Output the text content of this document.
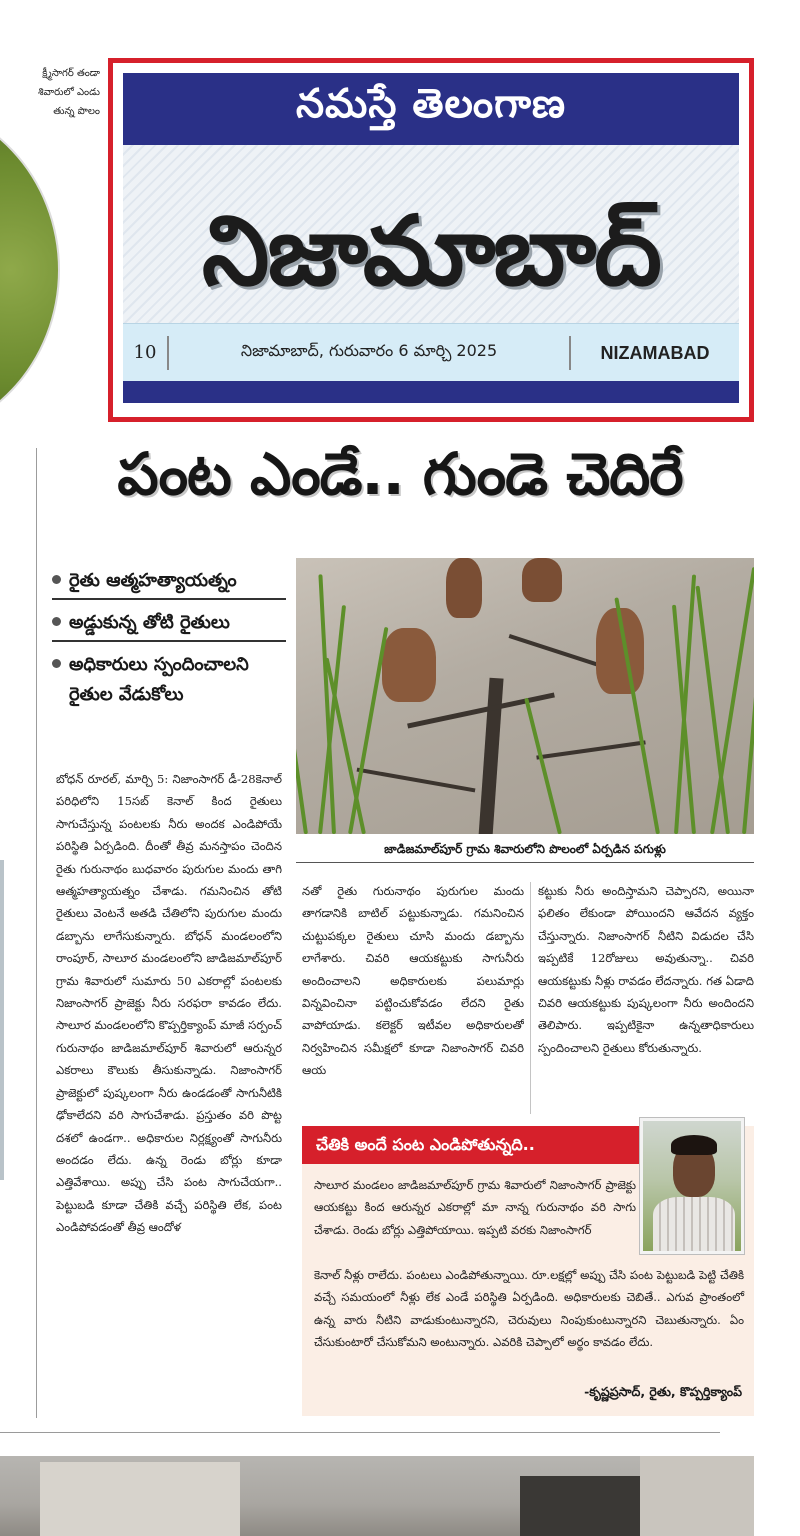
క్ష్మీసాగర్ తండా
శివారులో ఎండు
తున్న పొలం	నమస్తే తెలంగాణ
నిజామాబాద్
10	నిజామాబాద్, గురువారం 6 మార్చి 2025	NIZAMABAD
పంట ఎండే.. గుండె చెదిరే
రైతు ఆత్మహత్యాయత్నం
అడ్డుకున్న తోటి రైతులు
అధికారులు స్పందించాలని రైతుల వేడుకోలు
జాడిజమాల్‌పూర్ గ్రామ శివారులోని పొలంలో ఏర్పడిన పగుళ్లు
బోధన్ రూరల్, మార్చి 5: నిజాంసాగర్ డీ-28కెనాల్ పరిధిలోని 15సబ్ కెనాల్ కింద రైతులు సాగుచేస్తున్న పంటలకు నీరు అందక ఎండిపోయే పరిస్థితి ఏర్పడింది. దీంతో తీవ్ర మనస్తాపం చెందిన రైతు గురునాథం బుధవారం పురుగుల మందు తాగి ఆత్మహత్యాయత్నం చేశాడు. గమనించిన తోటి రైతులు వెంటనే అతడి చేతిలోని పురుగుల మందు డబ్బాను లాగేసుకున్నారు. బోధన్ మండలంలోని రాంపూర్, సాలూర మండలంలోని జాడిజమాల్‌పూర్ గ్రామ శివారులో సుమారు 50 ఎకరాల్లో పంటలకు నిజాంసాగర్ ప్రాజెక్టు నీరు సరఫరా కావడం లేదు. సాలూర మండలంలోని కొప్పర్తిక్యాంప్ మాజీ సర్పంచ్ గురునాథం జాడిజమాల్‌పూర్ శివారులో ఆరున్నర ఎకరాలు కౌలుకు తీసుకున్నాడు. నిజాంసాగర్ ప్రాజెక్టులో పుష్కలంగా నీరు ఉండడంతో సాగునీటికి ఢోకాలేదని వరి సాగుచేశాడు. ప్రస్తుతం వరి పొట్ట దశలో ఉండగా.. అధికారుల నిర్లక్ష్యంతో సాగునీరు అందడం లేదు. ఉన్న రెండు బోర్లు కూడా ఎత్తివేశాయి. అప్పు చేసి పంట సాగుచేయగా.. పెట్టుబడి కూడా చేతికి వచ్చే పరిస్థితి లేక, పంట ఎండిపోవడంతో తీవ్ర ఆందోళ
నతో రైతు గురునాథం పురుగుల మందు తాగడానికి బాటిల్ పట్టుకున్నాడు. గమనించిన చుట్టుపక్కల రైతులు చూసి మందు డబ్బాను లాగేశారు. చివరి ఆయకట్టుకు సాగునీరు అందించాలని అధికారులకు పలుమార్లు విన్నవించినా పట్టించుకోవడం లేదని రైతు వాపోయాడు. కలెక్టర్ ఇటీవల అధికారులతో నిర్వహించిన సమీక్షలో కూడా నిజాంసాగర్ చివరి ఆయ
కట్టుకు నీరు అందిస్తామని చెప్పారని, అయినా ఫలితం లేకుండా పోయిందని ఆవేదన వ్యక్తం చేస్తున్నారు. నిజాంసాగర్ నీటిని విడుదల చేసి ఇప్పటికే 12రోజులు అవుతున్నా.. చివరి ఆయకట్టుకు నీళ్లు రావడం లేదన్నారు. గత ఏడాది చివరి ఆయకట్టుకు పుష్కలంగా నీరు అందిందని తెలిపారు. ఇప్పటికైనా ఉన్నతాధికారులు స్పందించాలని రైతులు కోరుతున్నారు.
చేతికి అందే పంట ఎండిపోతున్నది..
సాలూర మండలం జాడిజమాల్‌పూర్ గ్రామ శివారులో నిజాంసాగర్ ప్రాజెక్టు ఆయకట్టు కింద ఆరున్నర ఎకరాల్లో మా నాన్న గురునాథం వరి సాగు చేశాడు. రెండు బోర్లు ఎత్తిపోయాయి. ఇప్పటి వరకు నిజాంసాగర్
కెనాల్ నీళ్లు రాలేదు. పంటలు ఎండిపోతున్నాయి. రూ.లక్షల్లో అప్పు చేసి పంట పెట్టుబడి పెట్టి చేతికి వచ్చే సమయంలో నీళ్లు లేక ఎండే పరిస్థితి ఏర్పడింది. అధికారులకు చెబితే.. ఎగువ ప్రాంతంలో ఉన్న వారు నీటిని వాడుకుంటున్నారని, చెరువులు నింపుకుంటున్నారని చెబుతున్నారు. ఏం చేసుకుంటారో చేసుకోమని అంటున్నారు. ఎవరికి చెప్పాలో అర్థం కావడం లేదు.
-కృష్ణప్రసాద్, రైతు, కొప్పర్తిక్యాంప్
